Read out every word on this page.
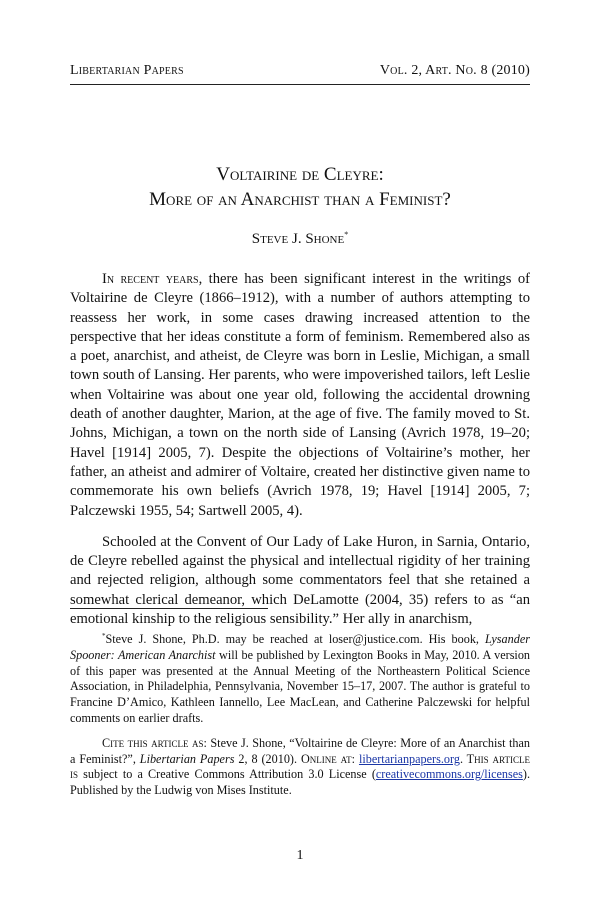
Libertarian Papers	Vol. 2, Art. No. 8 (2010)
Voltairine de Cleyre:
More of an Anarchist than a Feminist?
Steve J. Shone*

In recent years, there has been significant interest in the writings of Voltairine de Cleyre (1866–1912), with a number of authors attempting to reassess her work, in some cases drawing increased attention to the perspective that her ideas constitute a form of feminism. Remembered also as a poet, anarchist, and atheist, de Cleyre was born in Leslie, Michigan, a small town south of Lansing. Her parents, who were impoverished tailors, left Leslie when Voltairine was about one year old, following the accidental drowning death of another daughter, Marion, at the age of five. The family moved to St. Johns, Michigan, a town on the north side of Lansing (Avrich 1978, 19–20; Havel [1914] 2005, 7). Despite the objections of Voltairine’s mother, her father, an atheist and admirer of Voltaire, created her distinctive given name to commemorate his own beliefs (Avrich 1978, 19; Havel [1914] 2005, 7; Palczewski 1955, 54; Sartwell 2005, 4).

Schooled at the Convent of Our Lady of Lake Huron, in Sarnia, Ontario, de Cleyre rebelled against the physical and intellectual rigidity of her training and rejected religion, although some commentators feel that she retained a somewhat clerical demeanor, which DeLamotte (2004, 35) refers to as “an emotional kinship to the religious sensibility.” Her ally in anarchism,

*Steve J. Shone, Ph.D. may be reached at loser@justice.com. His book, Lysander Spooner: American Anarchist will be published by Lexington Books in May, 2010. A version of this paper was presented at the Annual Meeting of the Northeastern Political Science Association, in Philadelphia, Pennsylvania, November 15–17, 2007. The author is grateful to Francine D’Amico, Kathleen Iannello, Lee MacLean, and Catherine Palczewski for helpful comments on earlier drafts.

Cite this article as: Steve J. Shone, “Voltairine de Cleyre: More of an Anarchist than a Feminist?”, Libertarian Papers 2, 8 (2010). Online at: libertarianpapers.org. This article is subject to a Creative Commons Attribution 3.0 License (creativecommons.org/licenses). Published by the Ludwig von Mises Institute.

1
